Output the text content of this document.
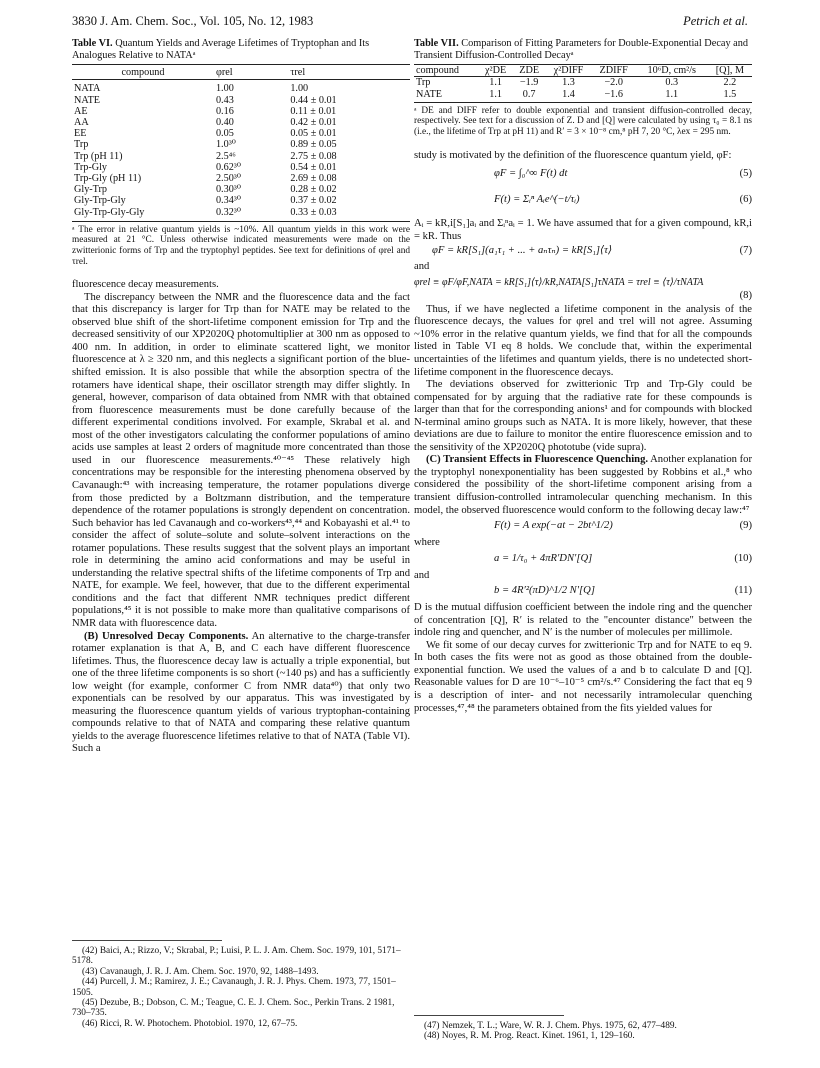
3830 J. Am. Chem. Soc., Vol. 105, No. 12, 1983	Petrich et al.
Table VI. Quantum Yields and Average Lifetimes of Tryptophan and Its Analogues Relative to NATAᵃ
compound	φrel	τrel
NATA	1.00	1.00
NATE	0.43	0.44 ± 0.01
AE	0.16	0.11 ± 0.01
AA	0.40	0.42 ± 0.01
EE	0.05	0.05 ± 0.01
Trp	1.0³⁰	0.89 ± 0.05
Trp (pH 11)	2.5⁴⁶	2.75 ± 0.08
Trp-Gly	0.62³⁰	0.54 ± 0.01
Trp-Gly (pH 11)	2.50³⁰	2.69 ± 0.08
Gly-Trp	0.30³⁰	0.28 ± 0.02
Gly-Trp-Gly	0.34³⁰	0.37 ± 0.02
Gly-Trp-Gly-Gly	0.32³⁰	0.33 ± 0.03

ᵃ The error in relative quantum yields is ~10%. All quantum yields in this work were measured at 21 °C. Unless otherwise indicated measurements were made on the zwitterionic forms of Trp and the tryptophyl peptides. See text for definitions of φrel and τrel.

fluorescence decay measurements.

The discrepancy between the NMR and the fluorescence data and the fact that this discrepancy is larger for Trp than for NATE may be related to the observed blue shift of the short-lifetime component emission for Trp and the decreased sensitivity of our XP2020Q photomultiplier at 300 nm as opposed to 400 nm. In addition, in order to eliminate scattered light, we monitor fluorescence at λ ≥ 320 nm, and this neglects a significant portion of the blue-shifted emission. It is also possible that while the absorption spectra of the rotamers have identical shape, their oscillator strength may differ slightly. In general, however, comparison of data obtained from NMR with that obtained from fluorescence measurements must be done carefully because of the different experimental conditions involved. For example, Skrabal et al. and most of the other investigators calculating the conformer populations of amino acids use samples at least 2 orders of magnitude more concentrated than those used in our fluorescence measurements.⁴⁰⁻⁴⁵ These relatively high concentrations may be responsible for the interesting phenomena observed by Cavanaugh:⁴³ with increasing temperature, the rotamer populations diverge from those predicted by a Boltzmann distribution, and the temperature dependence of the rotamer populations is strongly dependent on concentration. Such behavior has led Cavanaugh and co-workers⁴³,⁴⁴ and Kobayashi et al.⁴¹ to consider the affect of solute–solute and solute–solvent interactions on the rotamer populations. These results suggest that the solvent plays an important role in determining the amino acid conformations and may be useful in understanding the relative spectral shifts of the lifetime components of Trp and NATE, for example. We feel, however, that due to the different experimental conditions and the fact that different NMR techniques predict different populations,⁴⁵ it is not possible to make more than qualitative comparisons of NMR data with fluorescence data.

(B) Unresolved Decay Components. An alternative to the charge-transfer rotamer explanation is that A, B, and C each have different fluorescence lifetimes. Thus, the fluorescence decay law is actually a triple exponential, but one of the three lifetime components is so short (~140 ps) and has a sufficiently low weight (for example, conformer C from NMR data⁴⁰) that only two exponentials can be resolved by our apparatus. This was investigated by measuring the fluorescence quantum yields of various tryptophan-containing compounds relative to that of NATA and comparing these relative quantum yields to the average fluorescence lifetimes relative to that of NATA (Table VI). Such a

(42) Baici, A.; Rizzo, V.; Skrabal, P.; Luisi, P. L. J. Am. Chem. Soc. 1979, 101, 5171–5178.
(43) Cavanaugh, J. R. J. Am. Chem. Soc. 1970, 92, 1488–1493.
(44) Purcell, J. M.; Ramirez, J. E.; Cavanaugh, J. R. J. Phys. Chem. 1973, 77, 1501–1505.
(45) Dezube, B.; Dobson, C. M.; Teague, C. E. J. Chem. Soc., Perkin Trans. 2 1981, 730–735.
(46) Ricci, R. W. Photochem. Photobiol. 1970, 12, 67–75.
Table VII. Comparison of Fitting Parameters for Double-Exponential Decay and Transient Diffusion-Controlled Decayᵃ
compound	χ²DE	ZDE	χ²DIFF	ZDIFF	10⁶D, cm²/s	[Q], M
Trp	1.1	−1.9	1.3	−2.0	0.3	2.2
NATE	1.1	0.7	1.4	−1.6	1.1	1.5

ᵃ DE and DIFF refer to double exponential and transient diffusion-controlled decay, respectively. See text for a discussion of Z. D and [Q] were calculated by using τ₀ = 8.1 ns (i.e., the lifetime of Trp at pH 11) and R′ = 3 × 10⁻⁸ cm,⁸ pH 7, 20 °C, λex = 295 nm.

study is motivated by the definition of the fluorescence quantum yield, φF:

φF = ∫₀^∞ F(t) dt	(5)
F(t) = Σᵢⁿ Aᵢe^(−t/τᵢ)	(6)

Aᵢ = kR,i[S₁]aᵢ and Σᵢⁿaᵢ = 1. We have assumed that for a given compound, kR,i = kR. Thus

φF = kR[S₁](a₁τ₁ + ... + aₙτₙ) = kR[S₁]⟨τ⟩	(7)

and

φrel ≡ φF/φF,NATA = kR[S₁]⟨τ⟩/kR,NATA[S₁]τNATA = τrel ≡ ⟨τ⟩/τNATA
(8)

Thus, if we have neglected a lifetime component in the analysis of the fluorescence decays, the values for φrel and τrel will not agree. Assuming ~10% error in the relative quantum yields, we find that for all the compounds listed in Table VI eq 8 holds. We conclude that, within the experimental uncertainties of the lifetimes and quantum yields, there is no undetected short-lifetime component in the fluorescence decays.

The deviations observed for zwitterionic Trp and Trp-Gly could be compensated for by arguing that the radiative rate for these compounds is larger than that for the corresponding anions¹ and for compounds with blocked N-terminal amino groups such as NATA. It is more likely, however, that these deviations are due to failure to monitor the entire fluorescence emission and to the sensitivity of the XP2020Q phototube (vide supra).

(C) Transient Effects in Fluorescence Quenching. Another explanation for the tryptophyl nonexponentiality has been suggested by Robbins et al.,⁸ who considered the possibility of the short-lifetime component arising from a transient diffusion-controlled intramolecular quenching mechanism. In this model, the observed fluorescence would conform to the following decay law:⁴⁷

F(t) = A exp(−at − 2bt^1/2)	(9)

where

a = 1/τ₀ + 4πR′DN′[Q]	(10)

and

b = 4R′²(πD)^1/2 N′[Q]	(11)

D is the mutual diffusion coefficient between the indole ring and the quencher of concentration [Q], R′ is related to the "encounter distance" between the indole ring and quencher, and N′ is the number of molecules per millimole.

We fit some of our decay curves for zwitterionic Trp and for NATE to eq 9. In both cases the fits were not as good as those obtained from the double-exponential function. We used the values of a and b to calculate D and [Q]. Reasonable values for D are 10⁻⁶–10⁻⁵ cm²/s.⁴⁷ Considering the fact that eq 9 is a description of inter- and not necessarily intramolecular quenching processes,⁴⁷,⁴⁸ the parameters obtained from the fits yielded values for

(47) Nemzek, T. L.; Ware, W. R. J. Chem. Phys. 1975, 62, 477–489.
(48) Noyes, R. M. Prog. React. Kinet. 1961, 1, 129–160.
